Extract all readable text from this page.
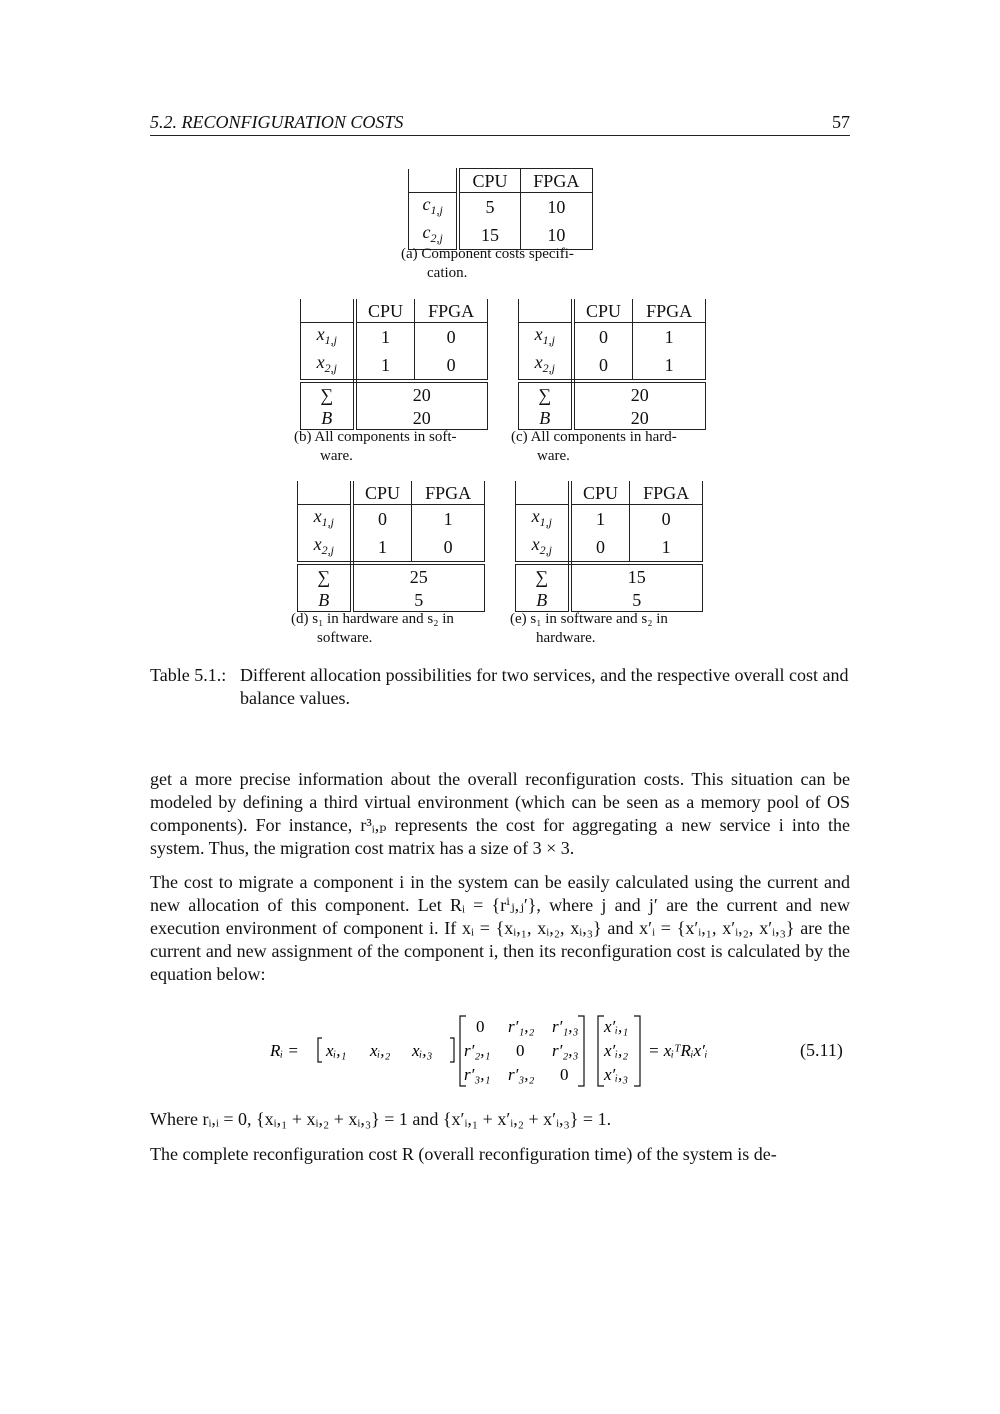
5.2. RECONFIGURATION COSTS	57
	CPU	FPGA
$c_{1,j}$	5	10
$c_{2,j}$	15	10
(a) Component costs specifi-
cation.
	CPU	FPGA
$x_{1,j}$	1	0
$x_{2,j}$	1	0
∑	20	
B	20	
(b) All components in soft-
ware.
	CPU	FPGA
$x_{1,j}$	0	1
$x_{2,j}$	0	1
∑	20	
B	20	
(c) All components in hard-
ware.
	CPU	FPGA
$x_{1,j}$	0	1
$x_{2,j}$	1	0
∑	25	
B	5	
(d) s₁ in hardware and s₂ in
software.
	CPU	FPGA
$x_{1,j}$	1	0
$x_{2,j}$	0	1
∑	15	
B	5	
(e) s₁ in software and s₂ in
hardware.
Table 5.1.: Different allocation possibilities for two services, and the respective overall cost and balance values.
get a more precise information about the overall reconfiguration costs. This situation can be modeled by defining a third virtual environment (which can be seen as a memory pool of OS components). For instance, r³ᵢ,ₚ represents the cost for aggregating a new service i into the system. Thus, the migration cost matrix has a size of 3 × 3.
The cost to migrate a component i in the system can be easily calculated using the current and new allocation of this component. Let Rᵢ = {rⁱⱼ,ⱼ′}, where j and j′ are the current and new execution environment of component i. If xᵢ = {xᵢ,₁, xᵢ,₂, xᵢ,₃} and x′ᵢ = {x′ᵢ,₁, x′ᵢ,₂, x′ᵢ,₃} are the current and new assignment of the component i, then its reconfiguration cost is calculated by the equation below:
Rᵢ = xᵢ,₁ xᵢ,₂ xᵢ,₃
0 r′₁,₂ r′₁,₃
r′₂,₁ 0 r′₂,₃
r′₃,₁ r′₃,₂ 0
x′ᵢ,₁
x′ᵢ,₂
x′ᵢ,₃
= xᵢᵀRᵢx′ᵢ	(5.11)
Where rᵢ,ᵢ = 0, {xᵢ,₁ + xᵢ,₂ + xᵢ,₃} = 1 and {x′ᵢ,₁ + x′ᵢ,₂ + x′ᵢ,₃} = 1.
The complete reconfiguration cost R (overall reconfiguration time) of the system is de-
